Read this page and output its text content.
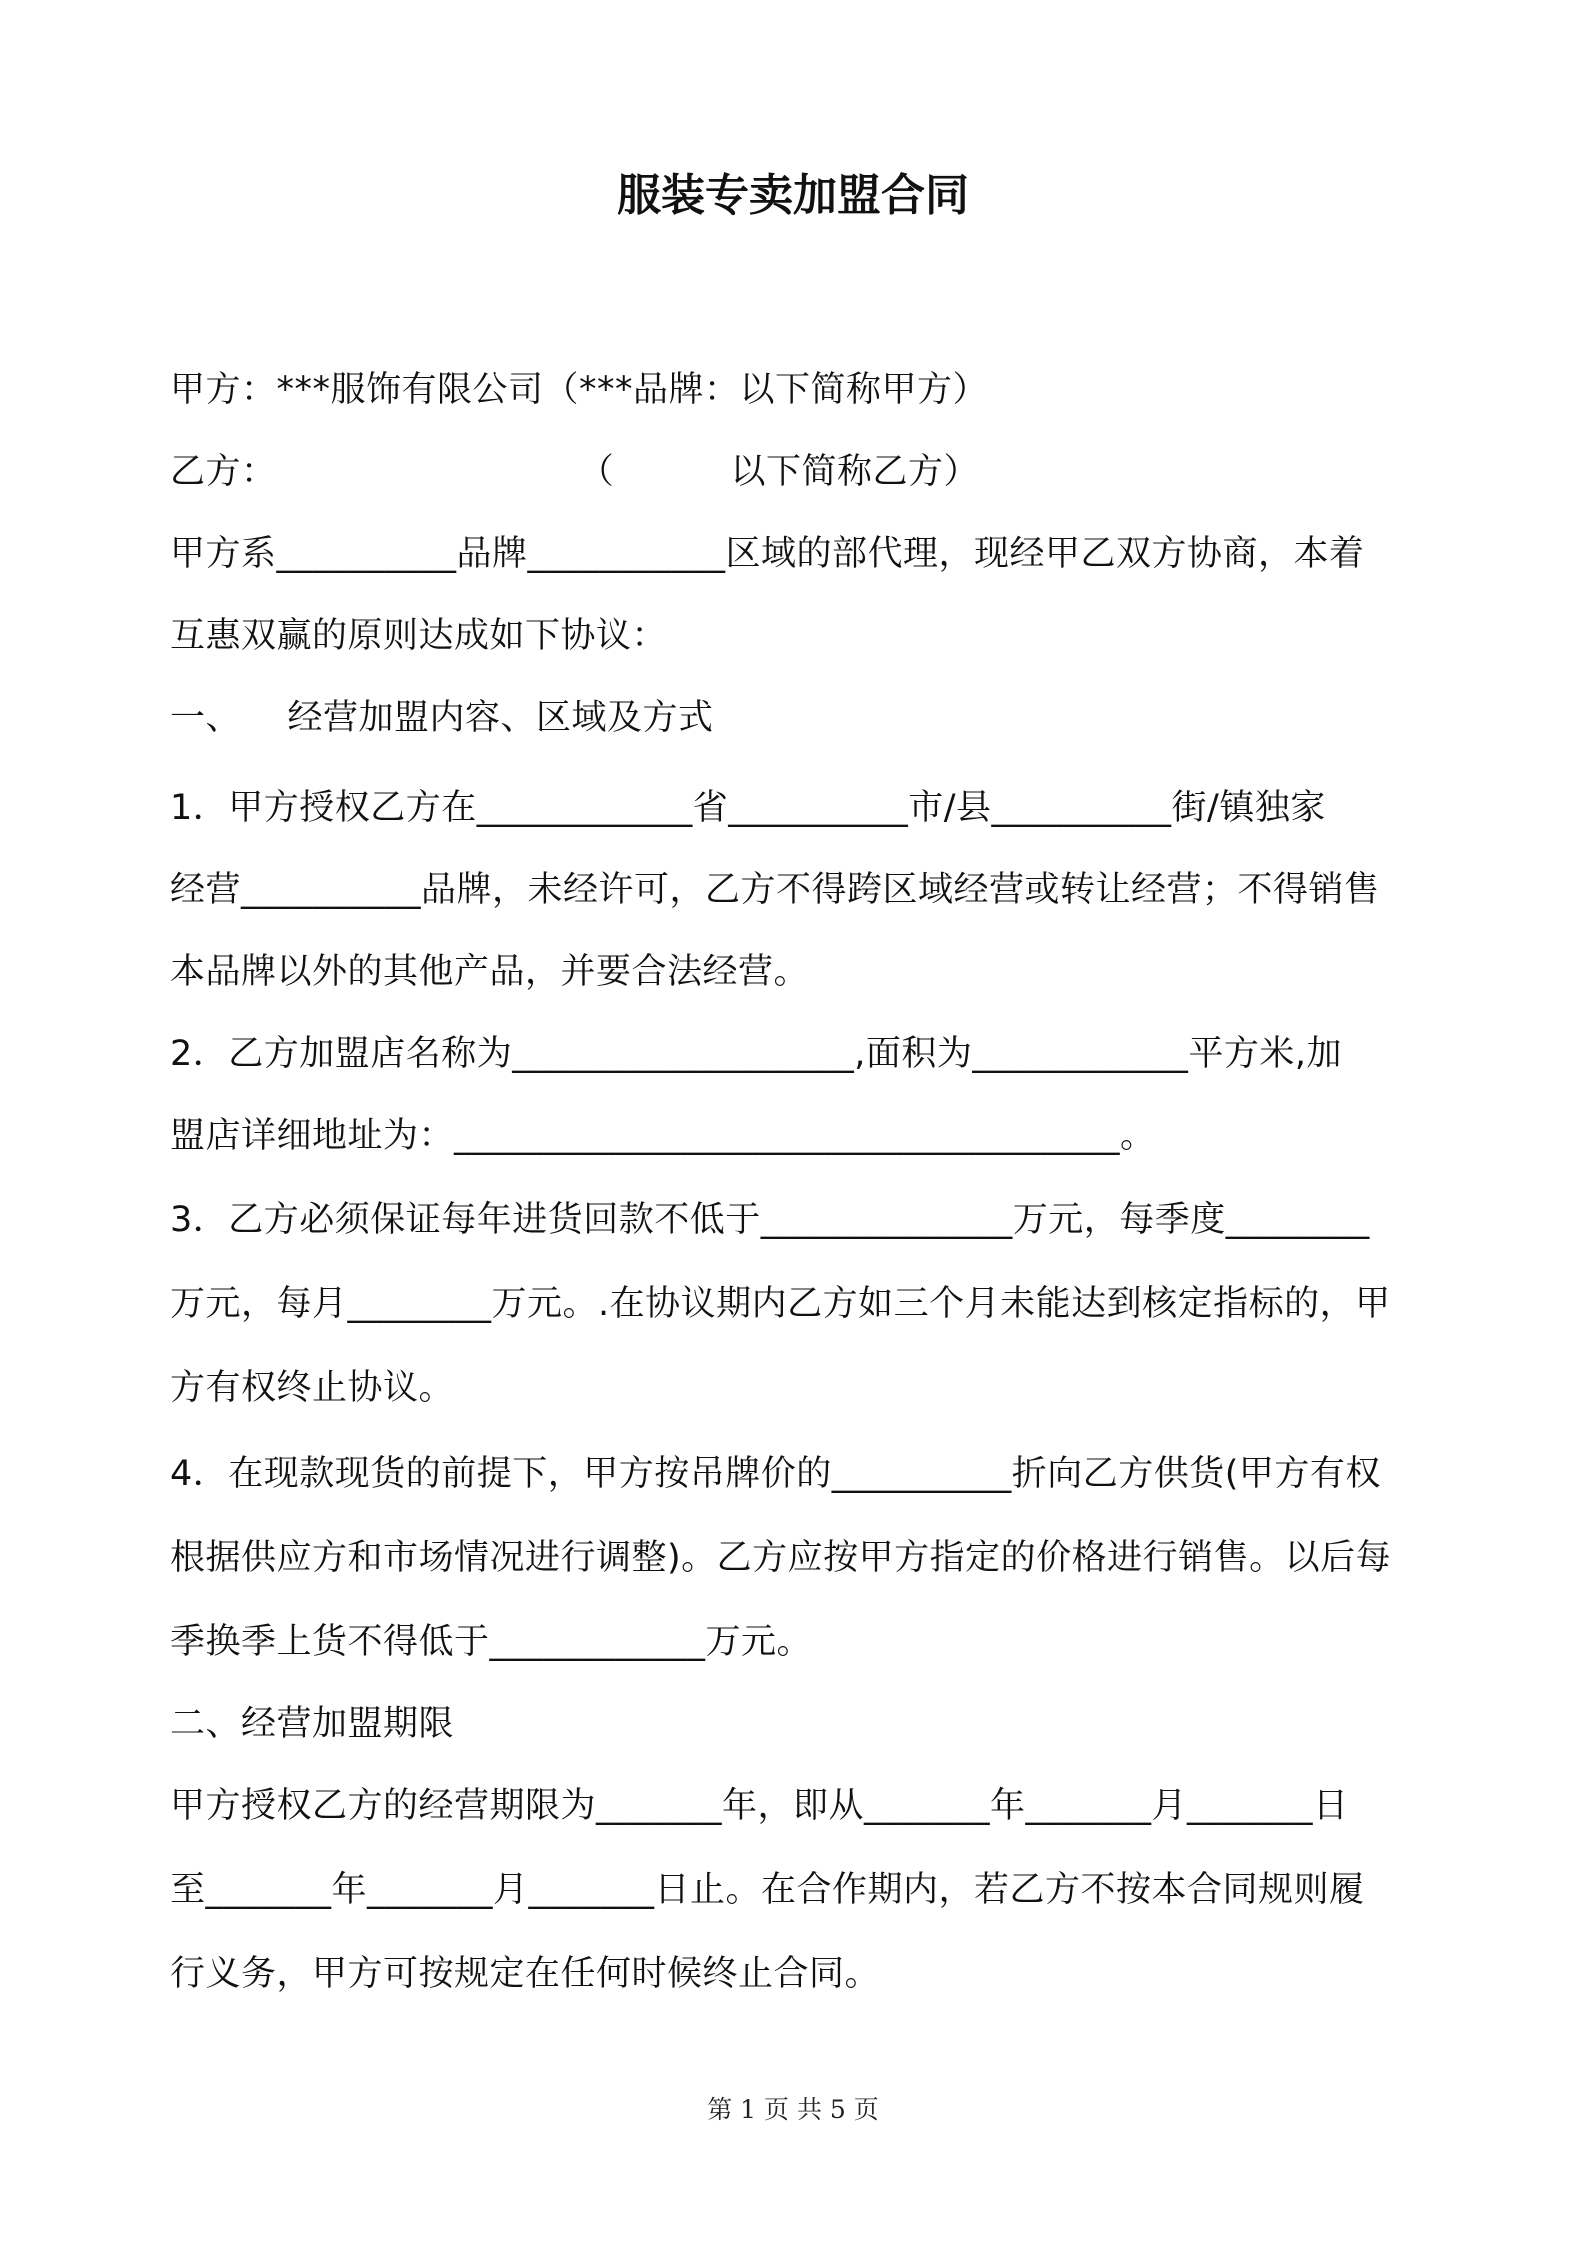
服装专卖加盟合同
甲方：***服饰有限公司（***品牌：以下简称甲方）
乙方：                          （          以下简称乙方）
甲方系__________品牌___________区域的部代理，现经甲乙双方协商，本着
互惠双赢的原则达成如下协议：
一、    经营加盟内容、区域及方式
1．甲方授权乙方在____________省__________市/县__________街/镇独家
经营__________品牌，未经许可，乙方不得跨区域经营或转让经营；不得销售
本品牌以外的其他产品，并要合法经营。
2．乙方加盟店名称为___________________,面积为____________平方米,加
盟店详细地址为：_____________________________________。
3．乙方必须保证每年进货回款不低于______________万元，每季度________
万元，每月________万元。.在协议期内乙方如三个月未能达到核定指标的，甲
方有权终止协议。
4．在现款现货的前提下，甲方按吊牌价的__________折向乙方供货(甲方有权
根据供应方和市场情况进行调整)。乙方应按甲方指定的价格进行销售。以后每
季换季上货不得低于____________万元。
二、经营加盟期限
甲方授权乙方的经营期限为_______年，即从_______年_______月_______日
至_______年_______月_______日止。在合作期内，若乙方不按本合同规则履
行义务，甲方可按规定在任何时候终止合同。
第 1 页 共 5 页
